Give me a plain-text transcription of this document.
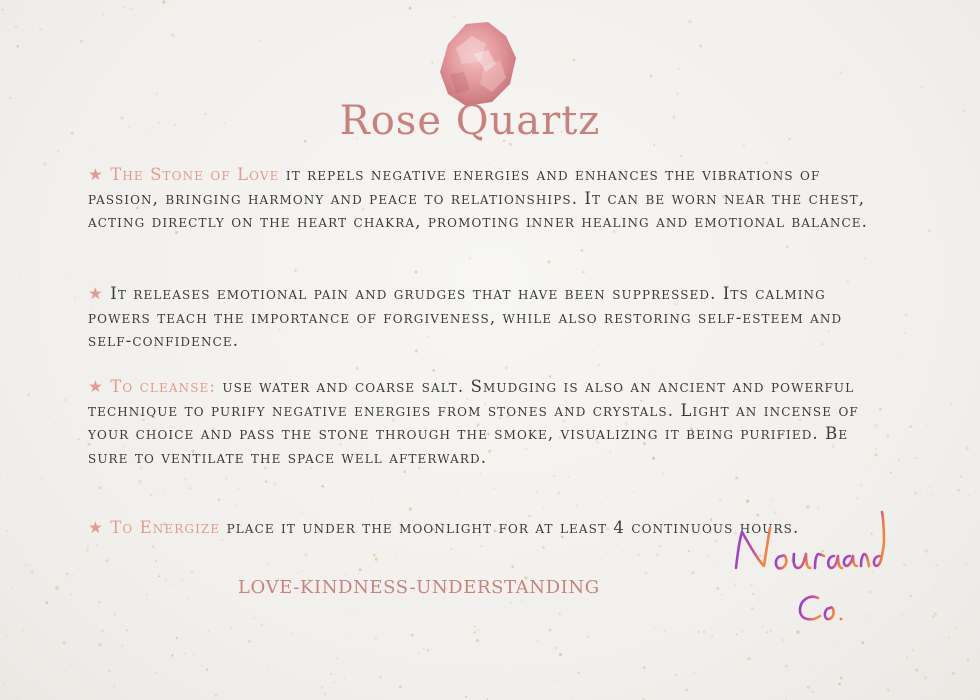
Rose Quartz

★ The Stone of Love it repels negative energies and enhances the vibrations of passion, bringing harmony and peace to relationships. It can be worn near the chest, acting directly on the heart chakra, promoting inner healing and emotional balance.

★ It releases emotional pain and grudges that have been suppressed. Its calming powers teach the importance of forgiveness, while also restoring self-esteem and self-confidence.

★ To cleanse: use water and coarse salt. Smudging is also an ancient and powerful technique to purify negative energies from stones and crystals. Light an incense of your choice and pass the stone through the smoke, visualizing it being purified. Be sure to ventilate the space well afterward.

★ To Energize place it under the moonlight for at least 4 continuous hours.

LOVE-KINDNESS-UNDERSTANDING
